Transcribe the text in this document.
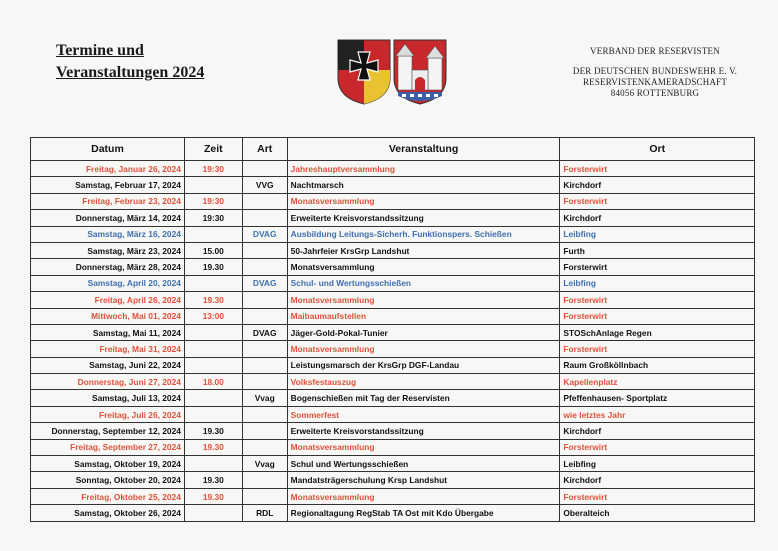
Termine und
Veranstaltungen 2024
VERBAND DER RESERVISTEN
DER DEUTSCHEN BUNDESWEHR E. V.
RESERVISTENKAMERADSCHAFT
84056 ROTTENBURG
Datum	Zeit	Art	Veranstaltung	Ort
Freitag, Januar 26, 2024	19:30		Jahreshauptversammlung	Forsterwirt
Samstag, Februar 17, 2024		VVG	Nachtmarsch	Kirchdorf
Freitag, Februar 23, 2024	19:30		Monatsversammlung	Forsterwirt
Donnerstag, März 14, 2024	19:30		Erweiterte Kreisvorstandssitzung	Kirchdorf
Samstag, März 16, 2024		DVAG	Ausbildung Leitungs-Sicherh. Funktionspers. Schießen	Leibfing
Samstag, März 23, 2024	15.00		50-Jahrfeier KrsGrp Landshut	Furth
Donnerstag, März 28, 2024	19.30		Monatsversammlung	Forsterwirt
Samstag, April 20, 2024		DVAG	Schul- und Wertungsschießen	Leibfing
Freitag, April 26, 2024	19.30		Monatsversammlung	Forsterwirt
Mittwoch, Mai 01, 2024	13:00		Maibaumaufstellen	Forsterwirt
Samstag, Mai 11, 2024		DVAG	Jäger-Gold-Pokal-Tunier	STOSchAnlage Regen
Freitag, Mai 31, 2024			Monatsversammlung	Forsterwirt
Samstag, Juni 22, 2024			Leistungsmarsch der KrsGrp DGF-Landau	Raum Großköllnbach
Donnerstag, Juni 27, 2024	18.00		Volksfestauszug	Kapellenplatz
Samstag, Juli 13, 2024		Vvag	Bogenschießen mit Tag der Reservisten	Pfeffenhausen- Sportplatz
Freitag, Juli 26, 2024			Sommerfest	wie letztes Jahr
Donnerstag, September 12, 2024	19.30		Erweiterte Kreisvorstandssitzung	Kirchdorf
Freitag, September 27, 2024	19.30		Monatsversammlung	Forsterwirt
Samstag, Oktober 19, 2024		Vvag	Schul und Wertungsschießen	Leibfing
Sonntag, Oktober 20, 2024	19.30		Mandatsträgerschulung Krsp Landshut	Kirchdorf
Freitag, Oktober 25, 2024	19.30		Monatsversammlung	Forsterwirt
Samstag, Oktober 26, 2024		RDL	Regionaltagung RegStab TA Ost mit Kdo Übergabe	Oberalteich
